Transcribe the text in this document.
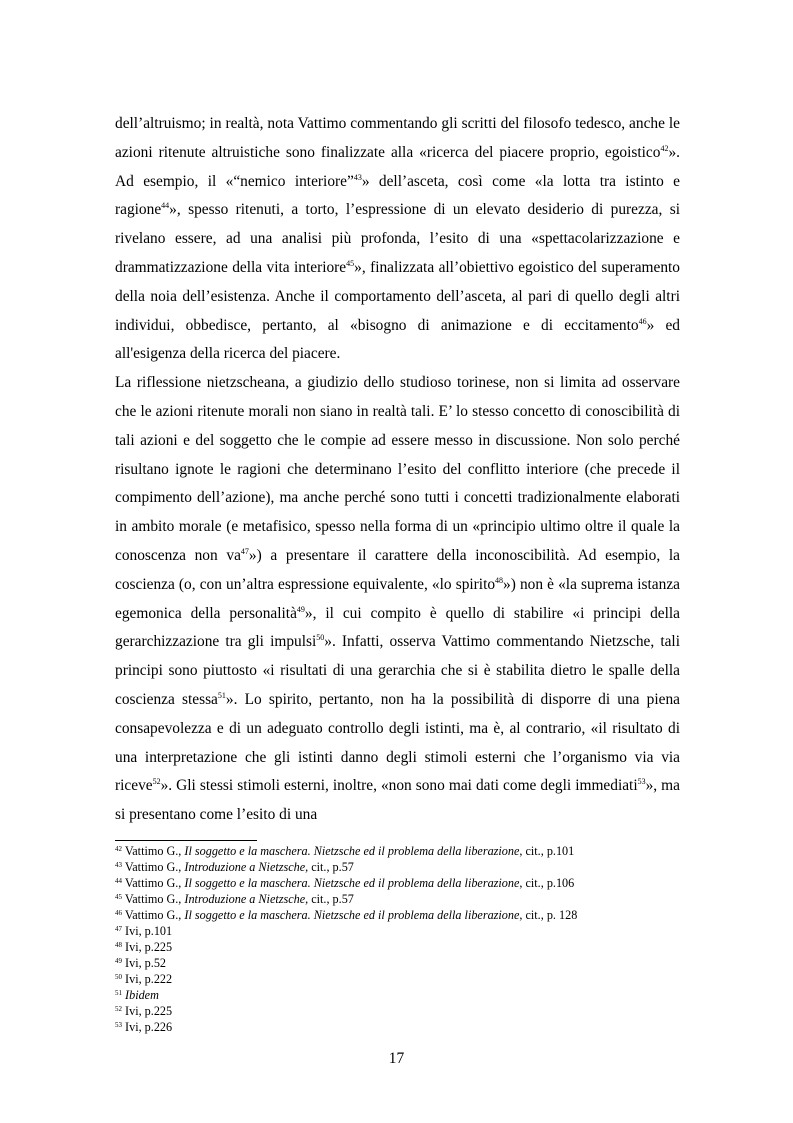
dell’altruismo; in realtà, nota Vattimo commentando gli scritti del filosofo tedesco, anche le azioni ritenute altruistiche sono finalizzate alla «ricerca del piacere proprio, egoistico$^{42}$». Ad esempio, il «“nemico interiore”$^{43}$» dell’asceta, così come «la lotta tra istinto e ragione$^{44}$», spesso ritenuti, a torto, l’espressione di un elevato desiderio di purezza, si rivelano essere, ad una analisi più profonda, l’esito di una «spettacolarizzazione e drammatizzazione della vita interiore$^{45}$», finalizzata all’obiettivo egoistico del superamento della noia dell’esistenza. Anche il comportamento dell’asceta, al pari di quello degli altri individui, obbedisce, pertanto, al «bisogno di animazione e di eccitamento$^{46}$» ed all'esigenza della ricerca del piacere.

La riflessione nietzscheana, a giudizio dello studioso torinese, non si limita ad osservare che le azioni ritenute morali non siano in realtà tali. E’ lo stesso concetto di conoscibilità di tali azioni e del soggetto che le compie ad essere messo in discussione. Non solo perché risultano ignote le ragioni che determinano l’esito del conflitto interiore (che precede il compimento dell’azione), ma anche perché sono tutti i concetti tradizionalmente elaborati in ambito morale (e metafisico, spesso nella forma di un «principio ultimo oltre il quale la conoscenza non $va^{47}$») a presentare il carattere della inconoscibilità. Ad esempio, la coscienza (o, con un’altra espressione equivalente, «lo spirito$^{48}$») non è «la suprema istanza egemonica della personalità$^{49}$», il cui compito è quello di stabilire «i principi della gerarchizzazione tra gli impulsi$^{50}$». Infatti, osserva Vattimo commentando Nietzsche, tali principi sono piuttosto «i risultati di una gerarchia che si è stabilita dietro le spalle della coscienza stessa$^{51}$». Lo spirito, pertanto, non ha la possibilità di disporre di una piena consapevolezza e di un adeguato controllo degli istinti, ma è, al contrario, «il risultato di una interpretazione che gli istinti danno degli stimoli esterni che l’organismo via via riceve$^{52}$». Gli stessi stimoli esterni, inoltre, «non sono mai dati come degli immediati$^{53}$», ma si presentano come l’esito di una

$^{42}$ Vattimo G., Il soggetto e la maschera. Nietzsche ed il problema della liberazione, cit., p.101
$^{43}$ Vattimo G., Introduzione a Nietzsche, cit., p.57
$^{44}$ Vattimo G., Il soggetto e la maschera. Nietzsche ed il problema della liberazione, cit., p.106
$^{45}$ Vattimo G., Introduzione a Nietzsche, cit., p.57
$^{46}$ Vattimo G., Il soggetto e la maschera. Nietzsche ed il problema della liberazione, cit., p. 128
$^{47}$ Ivi, p.101
$^{48}$ Ivi, p.225
$^{49}$ Ivi, p.52
$^{50}$ Ivi, p.222
$^{51}$ Ibidem
$^{52}$ Ivi, p.225
$^{53}$ Ivi, p.226
17
